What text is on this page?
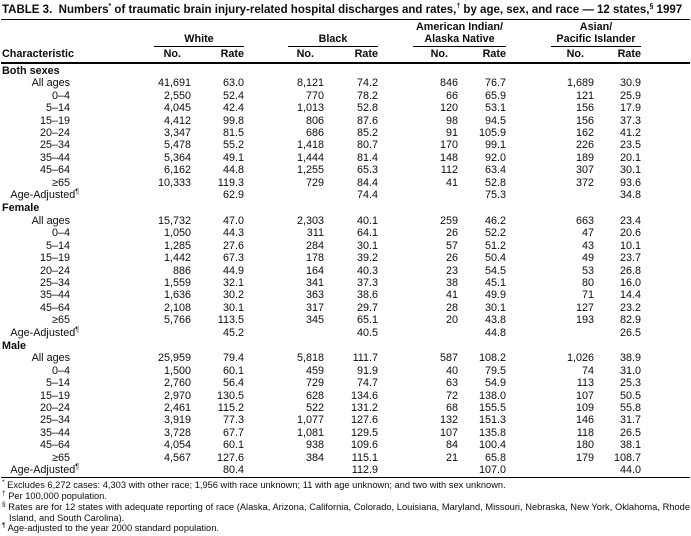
TABLE 3.  Numbers* of traumatic brain injury-related hospital discharges and rates,† by age, sex, and race — 12 states,§ 1997
Characteristic	White		Black		American Indian/
Alaska Native		Asian/
Pacific Islander		

	No.	Rate	No.	Rate	No.	Rate	No.	Rate	
Both sexes									
All ages	41,691	63.0	8,121	74.2	846	76.7	1,689	30.9	
0–4	2,550	52.4	770	78.2	66	65.9	121	25.9	
5–14	4,045	42.4	1,013	52.8	120	53.1	156	17.9	
15–19	4,412	99.8	806	87.6	98	94.5	156	37.3	
20–24	3,347	81.5	686	85.2	91	105.9	162	41.2	
25–34	5,478	55.2	1,418	80.7	170	99.1	226	23.5	
35–44	5,364	49.1	1,444	81.4	148	92.0	189	20.1	
45–64	6,162	44.8	1,255	65.3	112	63.4	307	30.1	
≥65	10,333	119.3	729	84.4	41	52.8	372	93.6	
Age-Adjusted¶		62.9		74.4		75.3		34.8	
Female									
All ages	15,732	47.0	2,303	40.1	259	46.2	663	23.4	
0–4	1,050	44.3	311	64.1	26	52.2	47	20.6	
5–14	1,285	27.6	284	30.1	57	51.2	43	10.1	
15–19	1,442	67.3	178	39.2	26	50.4	49	23.7	
20–24	886	44.9	164	40.3	23	54.5	53	26.8	
25–34	1,559	32.1	341	37.3	38	45.1	80	16.0	
35–44	1,636	30.2	363	38.6	41	49.9	71	14.4	
45–64	2,108	30.1	317	29.7	28	30.1	127	23.2	
≥65	5,766	113.5	345	65.1	20	43.8	193	82.9	
Age-Adjusted¶		45.2		40.5		44.8		26.5	
Male									
All ages	25,959	79.4	5,818	111.7	587	108.2	1,026	38.9	
0–4	1,500	60.1	459	91.9	40	79.5	74	31.0	
5–14	2,760	56.4	729	74.7	63	54.9	113	25.3	
15–19	2,970	130.5	628	134.6	72	138.0	107	50.5	
20–24	2,461	115.2	522	131.2	68	155.5	109	55.8	
25–34	3,919	77.3	1,077	127.6	132	151.3	146	31.7	
35–44	3,728	67.7	1,081	129.5	107	135.8	118	26.5	
45–64	4,054	60.1	938	109.6	84	100.4	180	38.1	
≥65	4,567	127.6	384	115.1	21	65.8	179	108.7	
Age-Adjusted¶		80.4		112.9		107.0		44.0	
* Excludes 6,272 cases: 4,303 with other race; 1,956 with race unknown; 11 with age unknown; and two with sex unknown.
† Per 100,000 population.
§ Rates are for 12 states with adequate reporting of race (Alaska, Arizona, California, Colorado, Louisiana, Maryland, Missouri, Nebraska, New York, Oklahoma, Rhode Island, and South Carolina).
¶ Age-adjusted to the year 2000 standard population.
